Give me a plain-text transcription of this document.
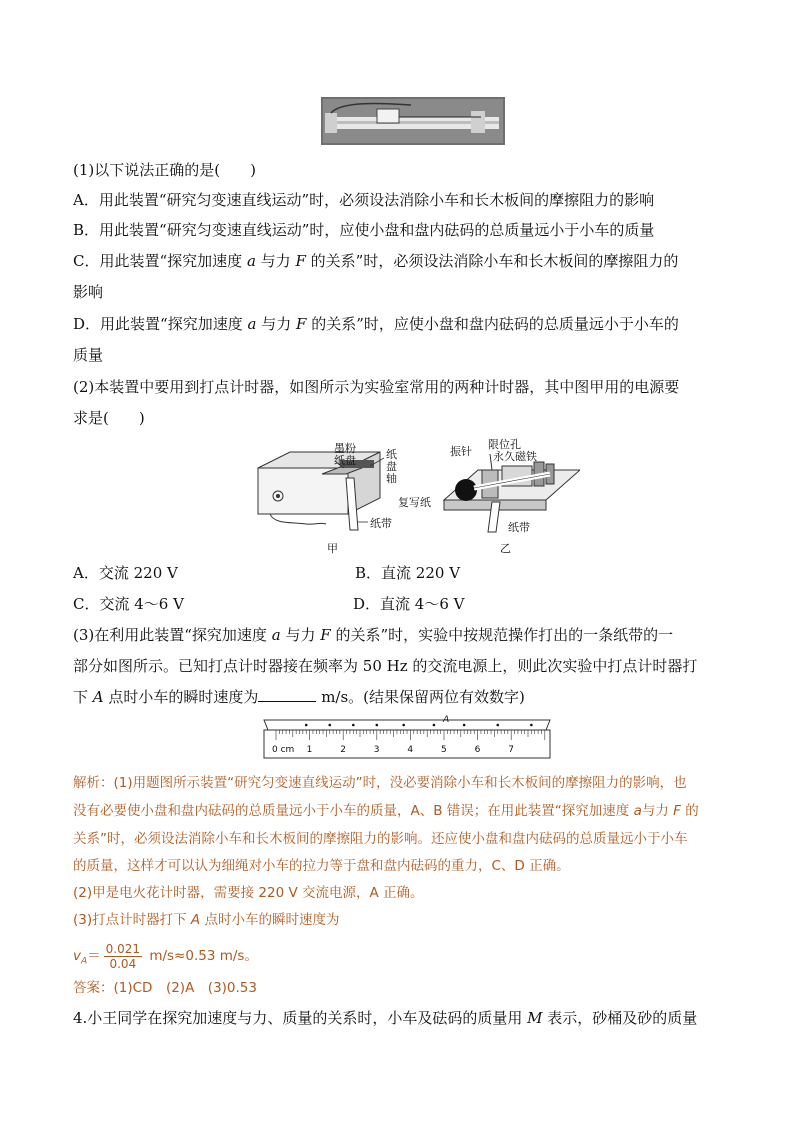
(1)以下说法正确的是(　　)
A．用此装置“研究匀变速直线运动”时，必须设法消除小车和长木板间的摩擦阻力的影响
B．用此装置“研究匀变速直线运动”时，应使小盘和盘内砝码的总质量远小于小车的质量
C．用此装置“探究加速度 a 与力 F 的关系”时，必须设法消除小车和长木板间的摩擦阻力的
影响
D．用此装置“探究加速度 a 与力 F 的关系”时，应使小盘和盘内砝码的总质量远小于小车的
质量
(2)本装置中要用到打点计时器，如图所示为实验室常用的两种计时器，其中图甲用的电源要
求是(　　)
墨粉
纸盘	纸
盘
轴
纸带
甲
振针
限位孔
永久磁铁
复写纸
纸带
乙
A．交流 220 V	B．直流 220 V
C．交流 4～6 V	D．直流 4～6 V
(3)在利用此装置“探究加速度 a 与力 F 的关系”时，实验中按规范操作打出的一条纸带的一
部分如图所示。已知打点计时器接在频率为 50 Hz 的交流电源上，则此次实验中打点计时器打
下 A 点时小车的瞬时速度为	m/s。(结果保留两位有效数字)
A
0 cm 1	2	3	4	5	6	7
解析：(1)用题图所示装置“研究匀变速直线运动”时，没必要消除小车和长木板间的摩擦阻力的影响，也
没有必要使小盘和盘内砝码的总质量远小于小车的质量，A、B 错误；在用此装置“探究加速度 a与力 F 的
关系”时，必须设法消除小车和长木板间的摩擦阻力的影响。还应使小盘和盘内砝码的总质量远小于小车
的质量，这样才可以认为细绳对小车的拉力等于盘和盘内砝码的重力，C、D 正确。
(2)甲是电火花计时器，需要接 220 V 交流电源，A 正确。
(3)打点计时器打下 A 点时小车的瞬时速度为
$v_A= \frac{0.021}{0.04} m/s\approx 0.53$ m/s。
答案：(1)CD　(2)A　(3)0.53
4.小王同学在探究加速度与力、质量的关系时，小车及砝码的质量用 M 表示，砂桶及砂的质量
